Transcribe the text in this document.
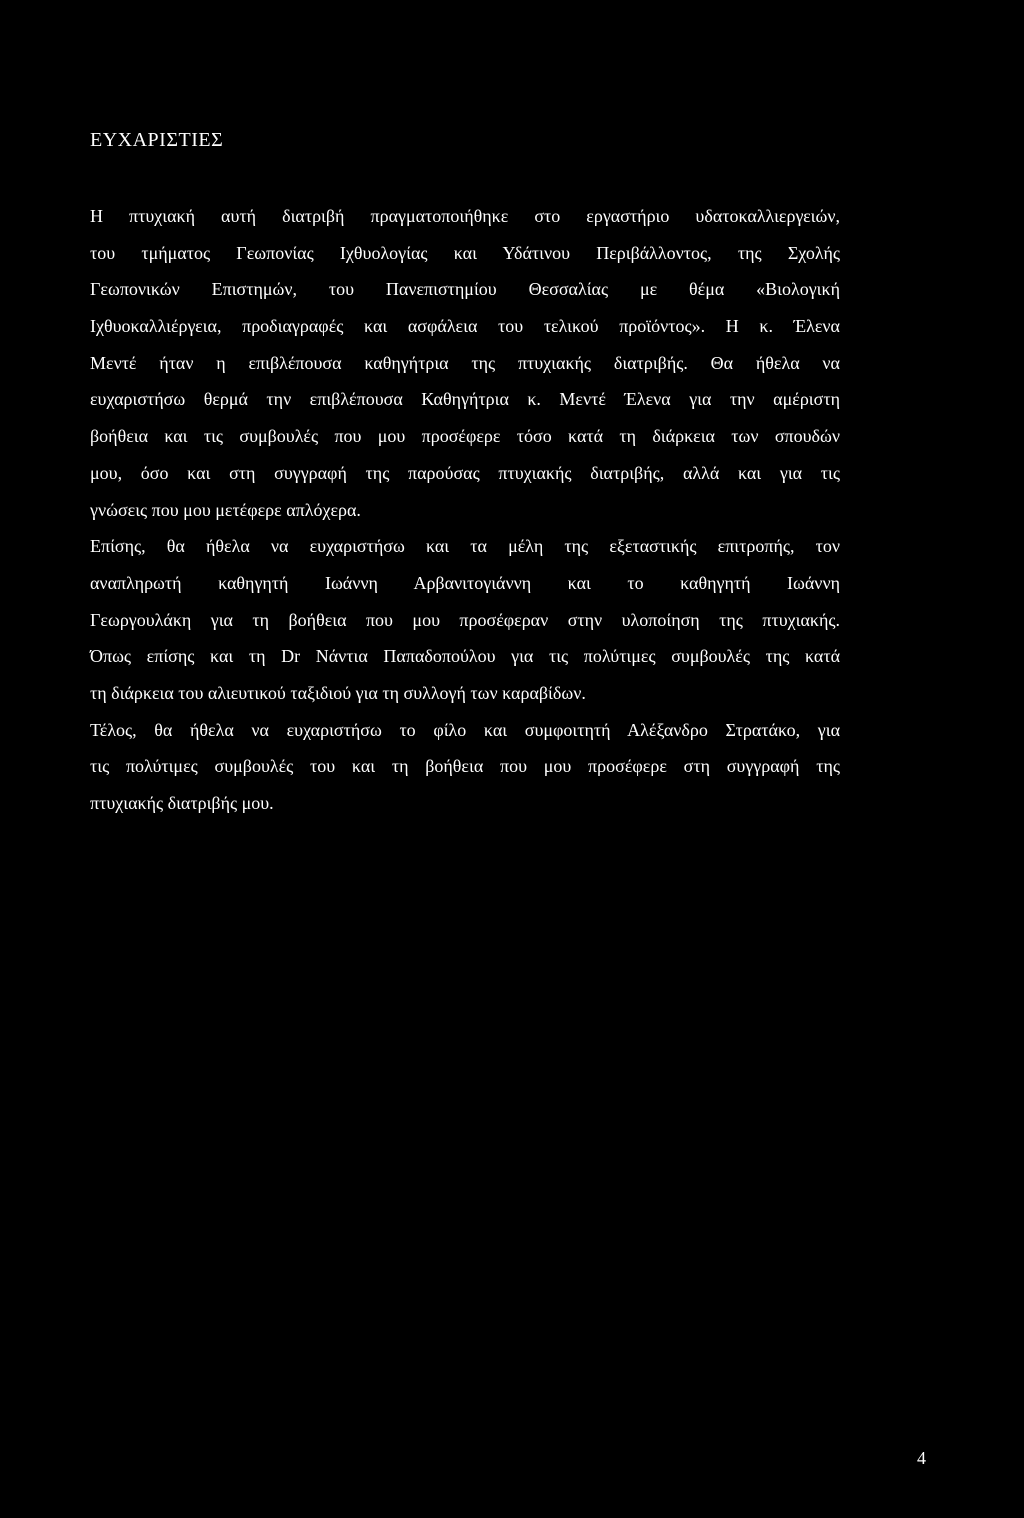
ΕΥΧΑΡΙΣΤΙΕΣ
Η πτυχιακή αυτή διατριβή πραγματοποιήθηκε στο εργαστήριο υδατοκαλλιεργειών,
του τμήματος Γεωπονίας Ιχθυολογίας και Υδάτινου Περιβάλλοντος, της Σχολής
Γεωπονικών Επιστημών, του Πανεπιστημίου Θεσσαλίας με θέμα «Βιολογική
Ιχθυοκαλλιέργεια, προδιαγραφές και ασφάλεια του τελικού προϊόντος». Η κ. Έλενα
Μεντέ ήταν η επιβλέπουσα καθηγήτρια της πτυχιακής διατριβής. Θα ήθελα να
ευχαριστήσω θερμά την επιβλέπουσα Καθηγήτρια κ. Μεντέ Έλενα για την αμέριστη
βοήθεια και τις συμβουλές που μου προσέφερε τόσο κατά τη διάρκεια των σπουδών
μου, όσο και στη συγγραφή της παρούσας πτυχιακής διατριβής, αλλά και για τις
γνώσεις που μου μετέφερε απλόχερα.
Επίσης, θα ήθελα να ευχαριστήσω και τα μέλη της εξεταστικής επιτροπής, τον
αναπληρωτή καθηγητή Ιωάννη Αρβανιτογιάννη και το καθηγητή Ιωάννη
Γεωργουλάκη για τη βοήθεια που μου προσέφεραν στην υλοποίηση της πτυχιακής.
Όπως επίσης και τη Dr Νάντια Παπαδοπούλου για τις πολύτιμες συμβουλές της κατά
τη διάρκεια του αλιευτικού ταξιδιού για τη συλλογή των καραβίδων.
Τέλος, θα ήθελα να ευχαριστήσω το φίλο και συμφοιτητή Αλέξανδρο Στρατάκο, για
τις πολύτιμες συμβουλές του και τη βοήθεια που μου προσέφερε στη συγγραφή της
πτυχιακής διατριβής μου.
4
